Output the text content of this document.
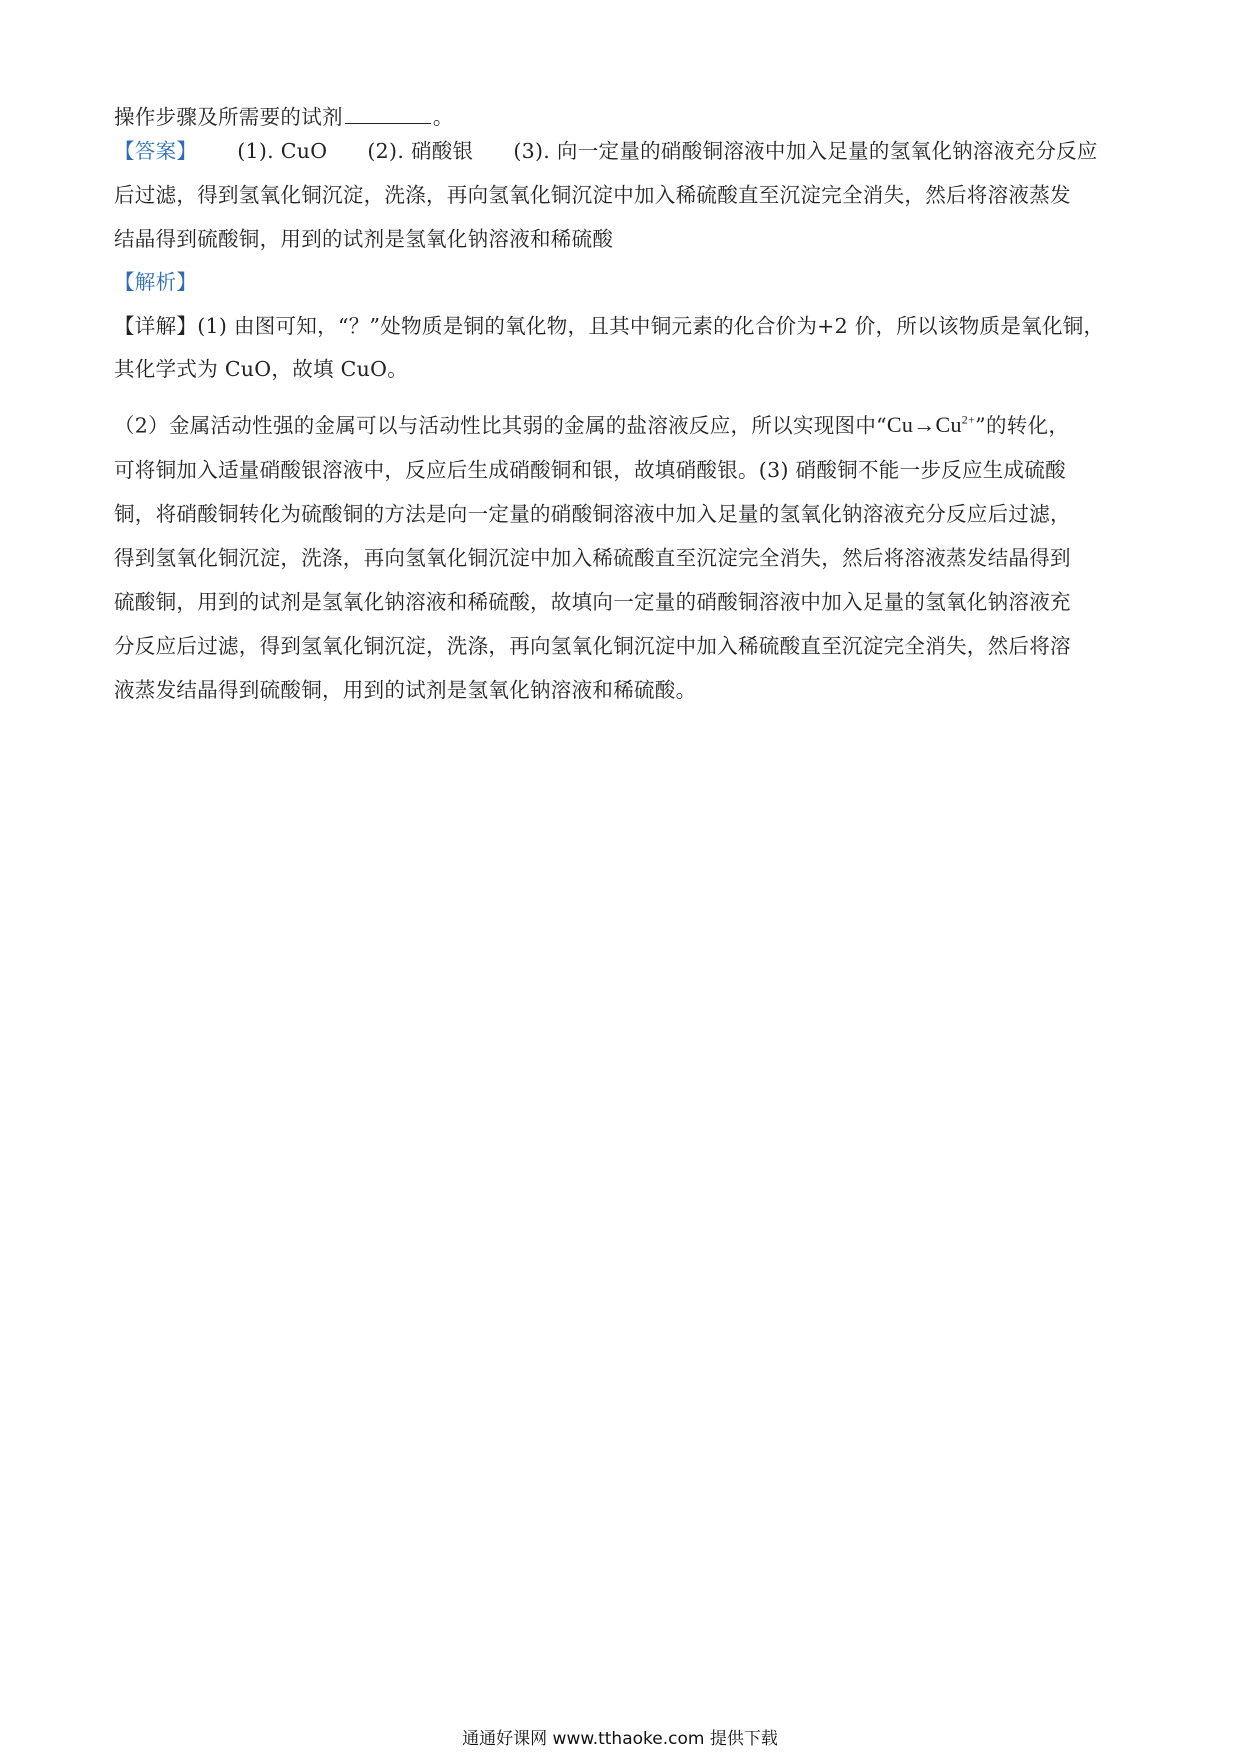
操作步骤及所需要的试剂	。
【答案】 (1). CuO (2). 硝酸银 (3). 向一定量的硝酸铜溶液中加入足量的氢氧化钠溶液充分反应
后过滤，得到氢氧化铜沉淀，洗涤，再向氢氧化铜沉淀中加入稀硫酸直至沉淀完全消失，然后将溶液蒸发
结晶得到硫酸铜，用到的试剂是氢氧化钠溶液和稀硫酸
【解析】
【详解】(1) 由图可知，“？”处物质是铜的氧化物，且其中铜元素的化合价为+2 价，所以该物质是氧化铜，
其化学式为 CuO，故填 CuO。
（2）金属活动性强的金属可以与活动性比其弱的金属的盐溶液反应，所以实现图中“$Cu\to Cu^{2+}$”的转化，
可将铜加入适量硝酸银溶液中，反应后生成硝酸铜和银，故填硝酸银。(3) 硝酸铜不能一步反应生成硫酸
铜，将硝酸铜转化为硫酸铜的方法是向一定量的硝酸铜溶液中加入足量的氢氧化钠溶液充分反应后过滤，
得到氢氧化铜沉淀，洗涤，再向氢氧化铜沉淀中加入稀硫酸直至沉淀完全消失，然后将溶液蒸发结晶得到
硫酸铜，用到的试剂是氢氧化钠溶液和稀硫酸，故填向一定量的硝酸铜溶液中加入足量的氢氧化钠溶液充
分反应后过滤，得到氢氧化铜沉淀，洗涤，再向氢氧化铜沉淀中加入稀硫酸直至沉淀完全消失，然后将溶
液蒸发结晶得到硫酸铜，用到的试剂是氢氧化钠溶液和稀硫酸。
通通好课网 www.tthaoke.com 提供下载
